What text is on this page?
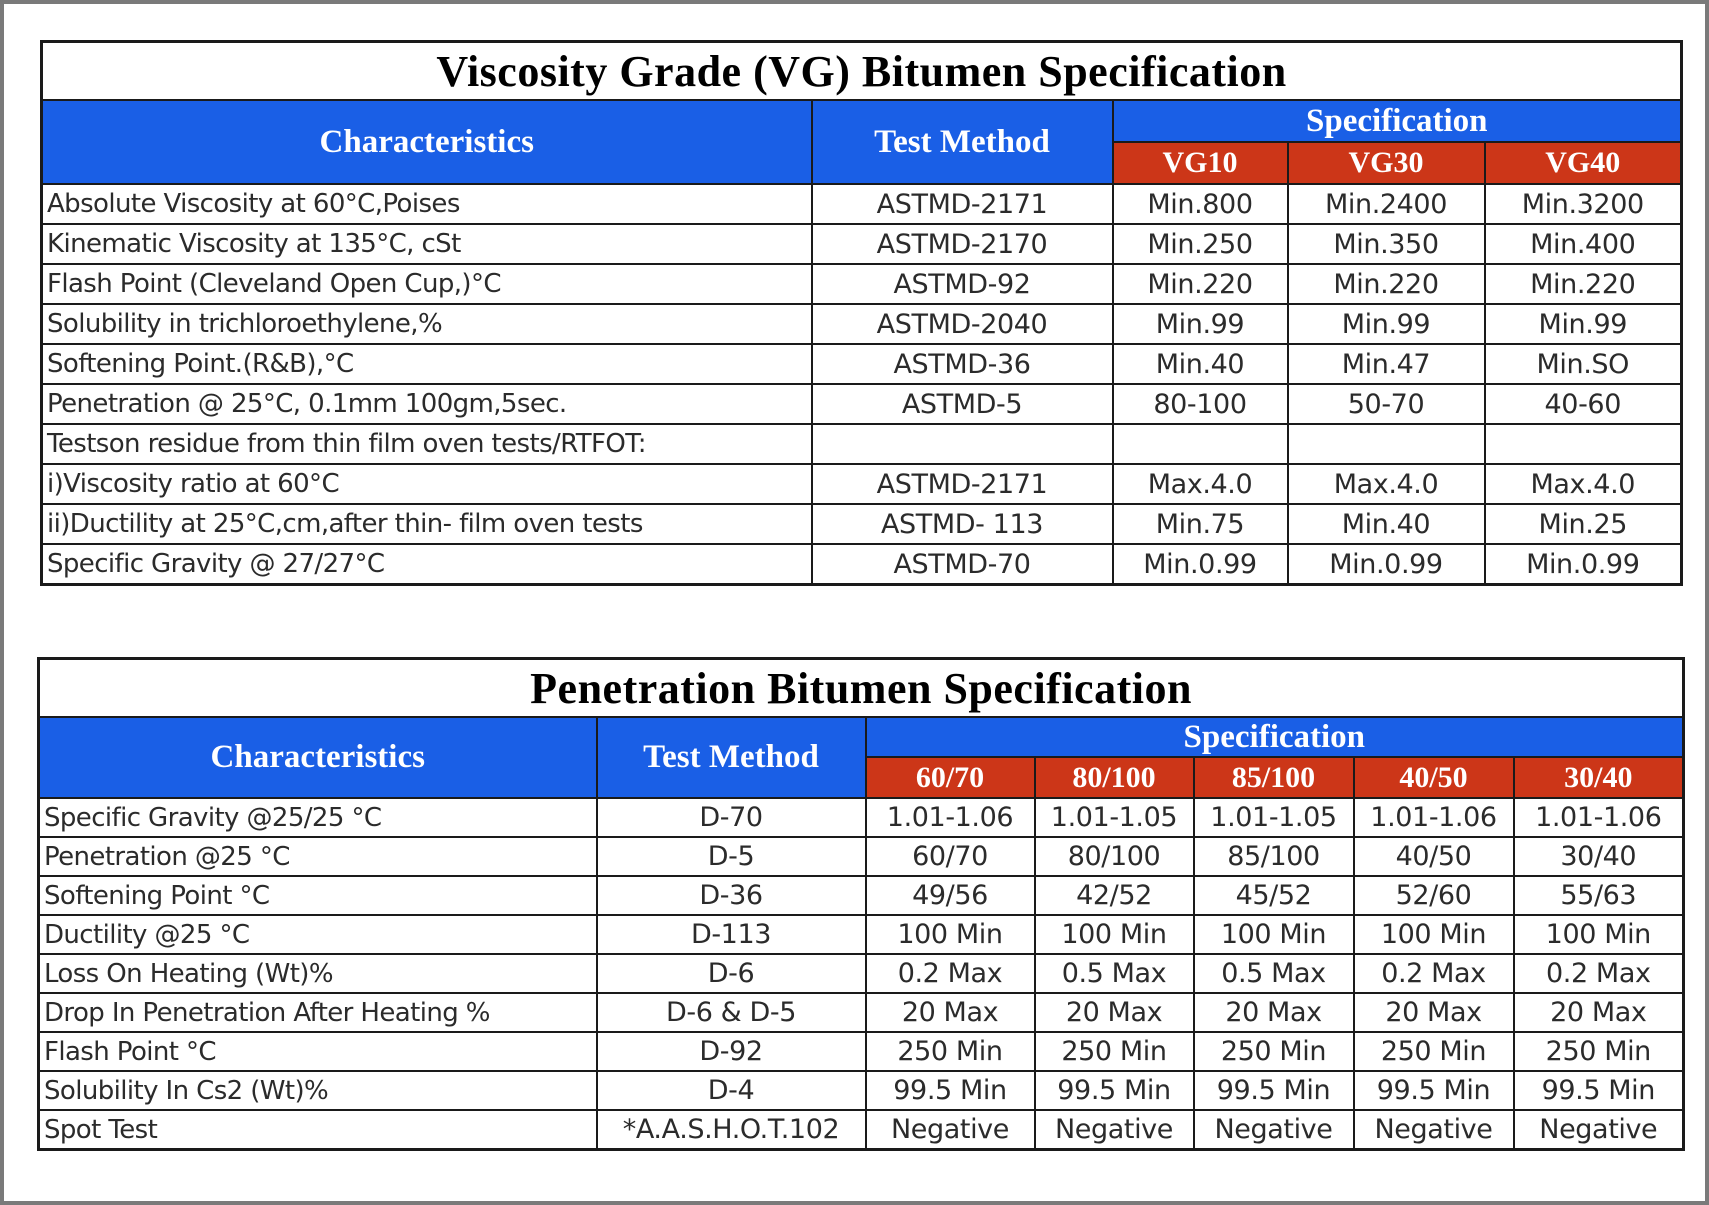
Viscosity Grade (VG) Bitumen Specification				
Characteristics	Test Method	Specification		
		VG10	VG30	VG40
Absolute Viscosity at 60°C,Poises	ASTMD-2171	Min.800	Min.2400	Min.3200
Kinematic Viscosity at 135°C, cSt	ASTMD-2170	Min.250	Min.350	Min.400
Flash Point (Cleveland Open Cup,)°C	ASTMD-92	Min.220	Min.220	Min.220
Solubility in trichloroethylene,%	ASTMD-2040	Min.99	Min.99	Min.99
Softening Point.(R&B),°C	ASTMD-36	Min.40	Min.47	Min.SO
Penetration @ 25°C, 0.1mm 100gm,5sec.	ASTMD-5	80-100	50-70	40-60
Testson residue from thin film oven tests/RTFOT:				
i)Viscosity ratio at 60°C	ASTMD-2171	Max.4.0	Max.4.0	Max.4.0
ii)Ductility at 25°C,cm,after thin- film oven tests	ASTMD- 113	Min.75	Min.40	Min.25
Specific Gravity @ 27/27°C	ASTMD-70	Min.0.99	Min.0.99	Min.0.99
Penetration Bitumen Specification						
Characteristics	Test Method	Specification				
		60/70	80/100	85/100	40/50	30/40
Specific Gravity @25/25 °C	D-70	1.01-1.06	1.01-1.05	1.01-1.05	1.01-1.06	1.01-1.06
Penetration @25 °C	D-5	60/70	80/100	85/100	40/50	30/40
Softening Point °C	D-36	49/56	42/52	45/52	52/60	55/63
Ductility @25 °C	D-113	100 Min	100 Min	100 Min	100 Min	100 Min
Loss On Heating (Wt)%	D-6	0.2 Max	0.5 Max	0.5 Max	0.2 Max	0.2 Max
Drop In Penetration After Heating %	D-6 & D-5	20 Max	20 Max	20 Max	20 Max	20 Max
Flash Point °C	D-92	250 Min	250 Min	250 Min	250 Min	250 Min
Solubility In Cs2 (Wt)%	D-4	99.5 Min	99.5 Min	99.5 Min	99.5 Min	99.5 Min
Spot Test	*A.A.S.H.O.T.102	Negative	Negative	Negative	Negative	Negative
